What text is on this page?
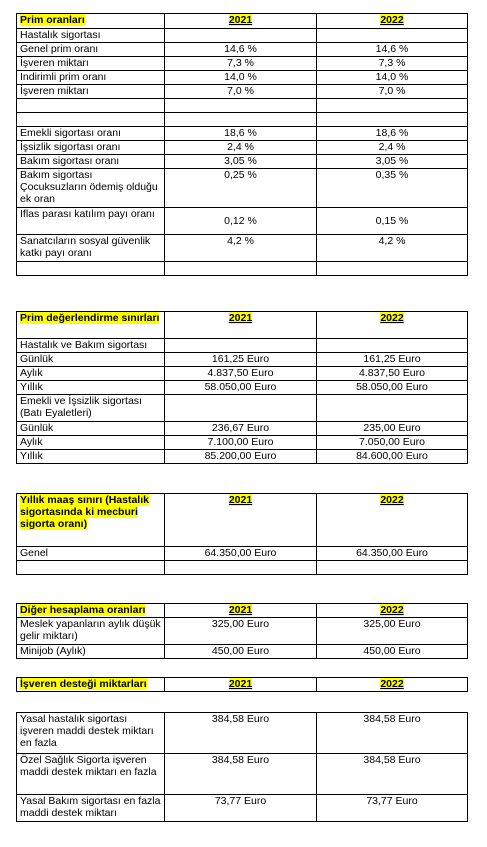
Prim oranları	2021	2022
Hastalık sigortası		
Genel prim oranı	14,6 %	14,6 %
İşveren miktarı	7,3 %	7,3 %
Indirimli prim oranı	14,0 %	14,0 %
İşveren miktarı	7,0 %	7,0 %

Emekli sigortası oranı	18,6 %	18,6 %
İşsizlik sigortası oranı	2,4 %	2,4 %
Bakım sigortası oranı	3,05 %	3,05 %
Bakım sigortası Çocuksuzların ödemiş olduğu ek oran	0,25 %	0,35 %
Iflas parası katılım payı oranı	0,12 %	0,15 %
Sanatcıların sosyal güvenlik katkı payı oranı	4,2 %	4,2 %

Prim değerlendirme sınırları	2021	2022
Hastalık ve Bakım sigortası		
Günlük	161,25 Euro	161,25 Euro
Aylık	4.837,50 Euro	4.837,50 Euro
Yıllık	58.050,00 Euro	58.050,00 Euro
Emekli ve İşsizlik sigortası (Batı Eyaletleri)		
Günlük	236,67 Euro	235,00 Euro
Aylık	7.100,00 Euro	7.050,00 Euro
Yıllık	85.200,00 Euro	84.600,00 Euro
Yıllık maaş sınırı (Hastalık sigortasında ki mecburi sigorta oranı)	2021	2022
Genel	64.350,00 Euro	64.350,00 Euro

Diğer hesaplama oranları	2021	2022
Meslek yapanların aylık düşük gelir miktarı)	325,00 Euro	325,00 Euro
Minijob (Aylık)	450,00 Euro	450,00 Euro
İşveren desteği miktarları	2021	2022
Yasal hastalık sigortası işveren maddi destek miktarı en fazla	384,58 Euro	384,58 Euro
Özel Sağlık Sigorta işveren maddi destek miktarı en fazla	384,58 Euro	384,58 Euro
Yasal Bakım sigortası en fazla maddi destek miktarı	73,77 Euro	73,77 Euro
